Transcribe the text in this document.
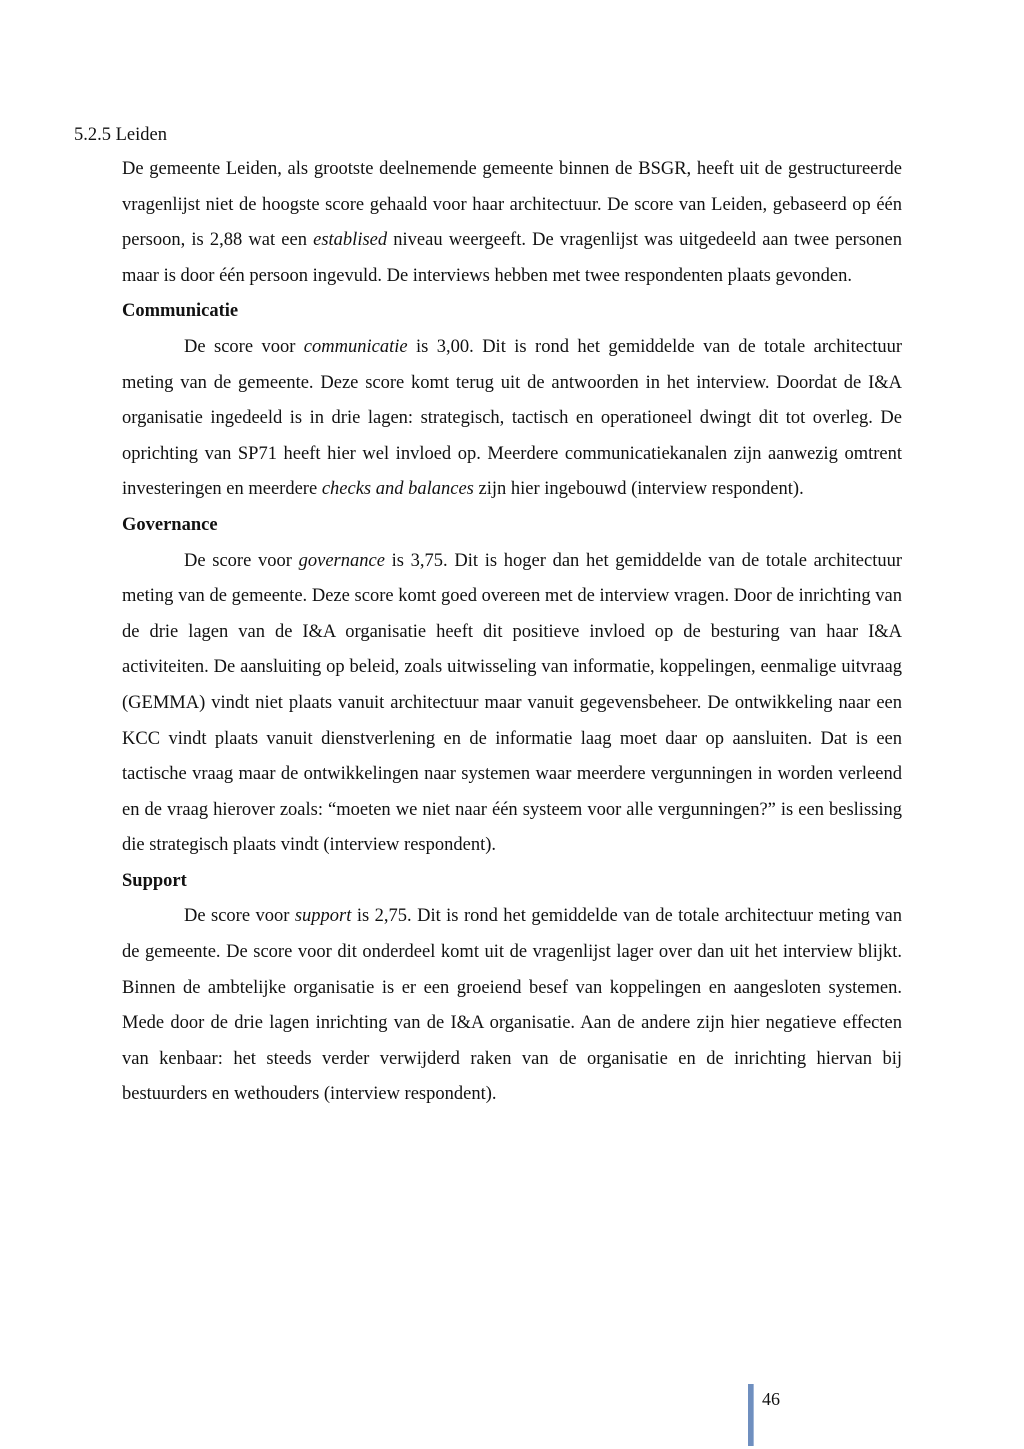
5.2.5 Leiden

De gemeente Leiden, als grootste deelnemende gemeente binnen de BSGR, heeft uit de gestructureerde vragenlijst niet de hoogste score gehaald voor haar architectuur. De score van Leiden, gebaseerd op één persoon, is 2,88 wat een establised niveau weergeeft. De vragenlijst was uitgedeeld aan twee personen maar is door één persoon ingevuld. De interviews hebben met twee respondenten plaats gevonden.

Communicatie

De score voor communicatie is 3,00. Dit is rond het gemiddelde van de totale architectuur meting van de gemeente. Deze score komt terug uit de antwoorden in het interview. Doordat de I&A organisatie ingedeeld is in drie lagen: strategisch, tactisch en operationeel dwingt dit tot overleg. De oprichting van SP71 heeft hier wel invloed op. Meerdere communicatiekanalen zijn aanwezig omtrent investeringen en meerdere checks and balances zijn hier ingebouwd (interview respondent).

Governance

De score voor governance is 3,75. Dit is hoger dan het gemiddelde van de totale architectuur meting van de gemeente. Deze score komt goed overeen met de interview vragen. Door de inrichting van de drie lagen van de I&A organisatie heeft dit positieve invloed op de besturing van haar I&A activiteiten. De aansluiting op beleid, zoals uitwisseling van informatie, koppelingen, eenmalige uitvraag (GEMMA) vindt niet plaats vanuit architectuur maar vanuit gegevensbeheer. De ontwikkeling naar een KCC vindt plaats vanuit dienstverlening en de informatie laag moet daar op aansluiten. Dat is een tactische vraag maar de ontwikkelingen naar systemen waar meerdere vergunningen in worden verleend en de vraag hierover zoals: “moeten we niet naar één systeem voor alle vergunningen?” is een beslissing die strategisch plaats vindt (interview respondent).

Support

De score voor support is 2,75. Dit is rond het gemiddelde van de totale architectuur meting van de gemeente. De score voor dit onderdeel komt uit de vragenlijst lager over dan uit het interview blijkt. Binnen de ambtelijke organisatie is er een groeiend besef van koppelingen en aangesloten systemen. Mede door de drie lagen inrichting van de I&A organisatie. Aan de andere zijn hier negatieve effecten van kenbaar: het steeds verder verwijderd raken van de organisatie en de inrichting hiervan bij bestuurders en wethouders (interview respondent).

46
